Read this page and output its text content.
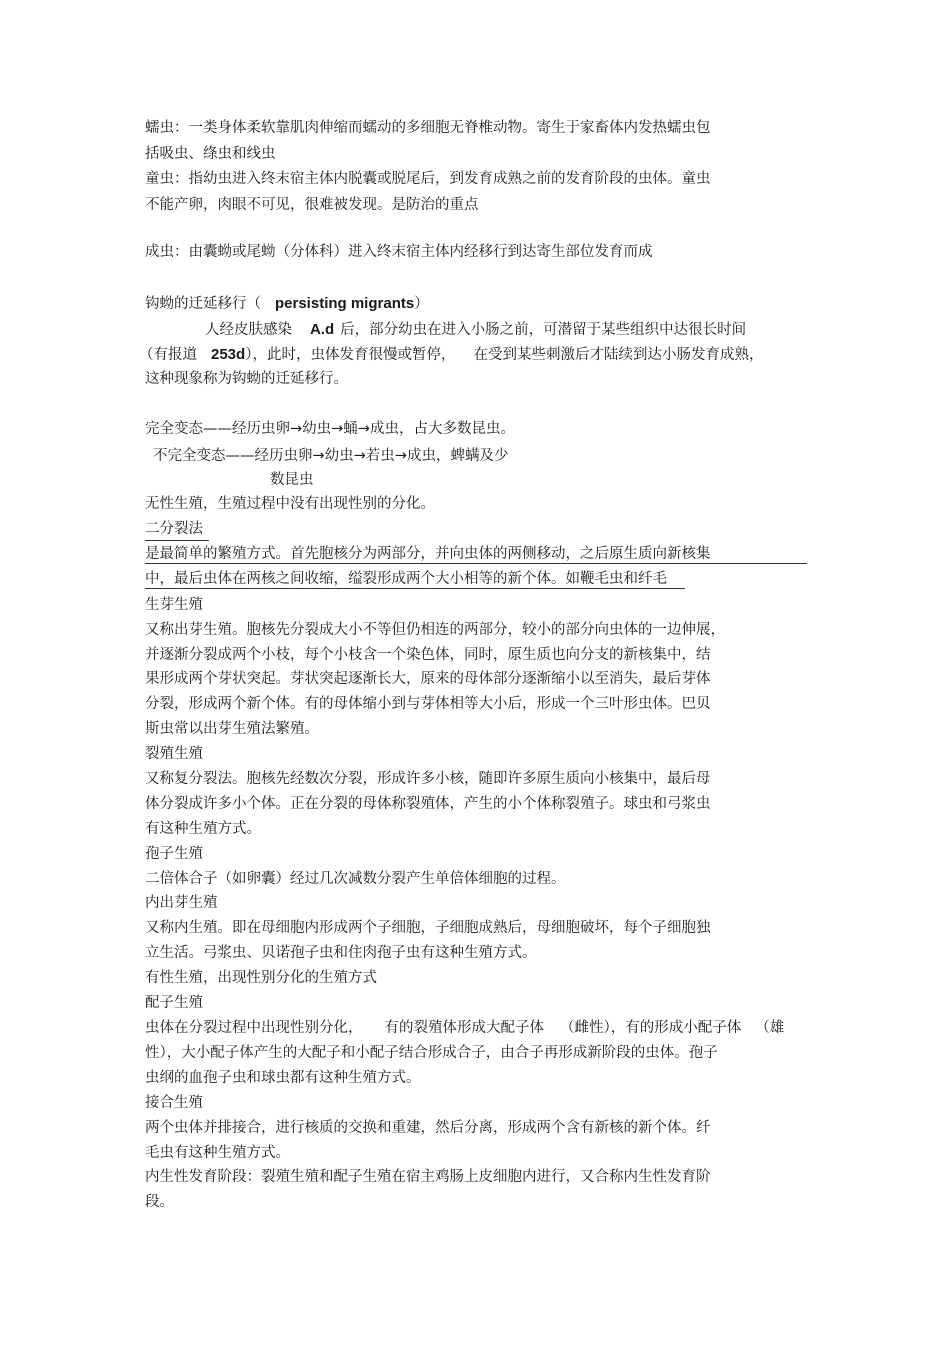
蠕虫：一类身体柔软靠肌肉伸缩而蠕动的多细胞无脊椎动物。寄生于家畜体内发热蠕虫包
括吸虫、绦虫和线虫
童虫：指幼虫进入终末宿主体内脱囊或脱尾后，到发育成熟之前的发育阶段的虫体。童虫
不能产卵，肉眼不可见，很难被发现。是防治的重点
成虫：由囊蚴或尾蚴（分体科）进入终末宿主体内经移行到达寄生部位发育而成
钩蚴的迁延移行（ persisting migrants）
人经皮肤感染 A.d 后，部分幼虫在进入小肠之前，可潜留于某些组织中达很长时间
（有报道 253d），此时，虫体发育很慢或暂停， 在受到某些刺激后才陆续到达小肠发育成熟，
这种现象称为钩蚴的迁延移行。
完全变态——经历虫卵→幼虫→蛹→成虫，占大多数昆虫。
不完全变态——经历虫卵→幼虫→若虫→成虫，蜱螨及少
数昆虫
无性生殖，生殖过程中没有出现性别的分化。
二分裂法
是最简单的繁殖方式。首先胞核分为两部分，并向虫体的两侧移动，之后原生质向新核集
中，最后虫体在两核之间收缩，缢裂形成两个大小相等的新个体。如鞭毛虫和纤毛
生芽生殖
又称出芽生殖。胞核先分裂成大小不等但仍相连的两部分，较小的部分向虫体的一边伸展，
并逐渐分裂成两个小枝，每个小枝含一个染色体，同时，原生质也向分支的新核集中，结
果形成两个芽状突起。芽状突起逐渐长大，原来的母体部分逐渐缩小以至消失，最后芽体
分裂，形成两个新个体。有的母体缩小到与芽体相等大小后，形成一个三叶形虫体。巴贝
斯虫常以出芽生殖法繁殖。
裂殖生殖
又称复分裂法。胞核先经数次分裂，形成许多小核，随即许多原生质向小核集中，最后母
体分裂成许多小个体。正在分裂的母体称裂殖体，产生的小个体称裂殖子。球虫和弓浆虫
有这种生殖方式。
孢子生殖
二倍体合子（如卵囊）经过几次减数分裂产生单倍体细胞的过程。
内出芽生殖
又称内生殖。即在母细胞内形成两个子细胞，子细胞成熟后，母细胞破坏，每个子细胞独
立生活。弓浆虫、贝诺孢子虫和住肉孢子虫有这种生殖方式。
有性生殖，出现性别分化的生殖方式
配子生殖
虫体在分裂过程中出现性别分化， 有的裂殖体形成大配子体 （雌性），有的形成小配子体 （雄
性），大小配子体产生的大配子和小配子结合形成合子，由合子再形成新阶段的虫体。孢子
虫纲的血孢子虫和球虫都有这种生殖方式。
接合生殖
两个虫体并排接合，进行核质的交换和重建，然后分离，形成两个含有新核的新个体。纤
毛虫有这种生殖方式。
内生性发育阶段：裂殖生殖和配子生殖在宿主鸡肠上皮细胞内进行，又合称内生性发育阶
段。
